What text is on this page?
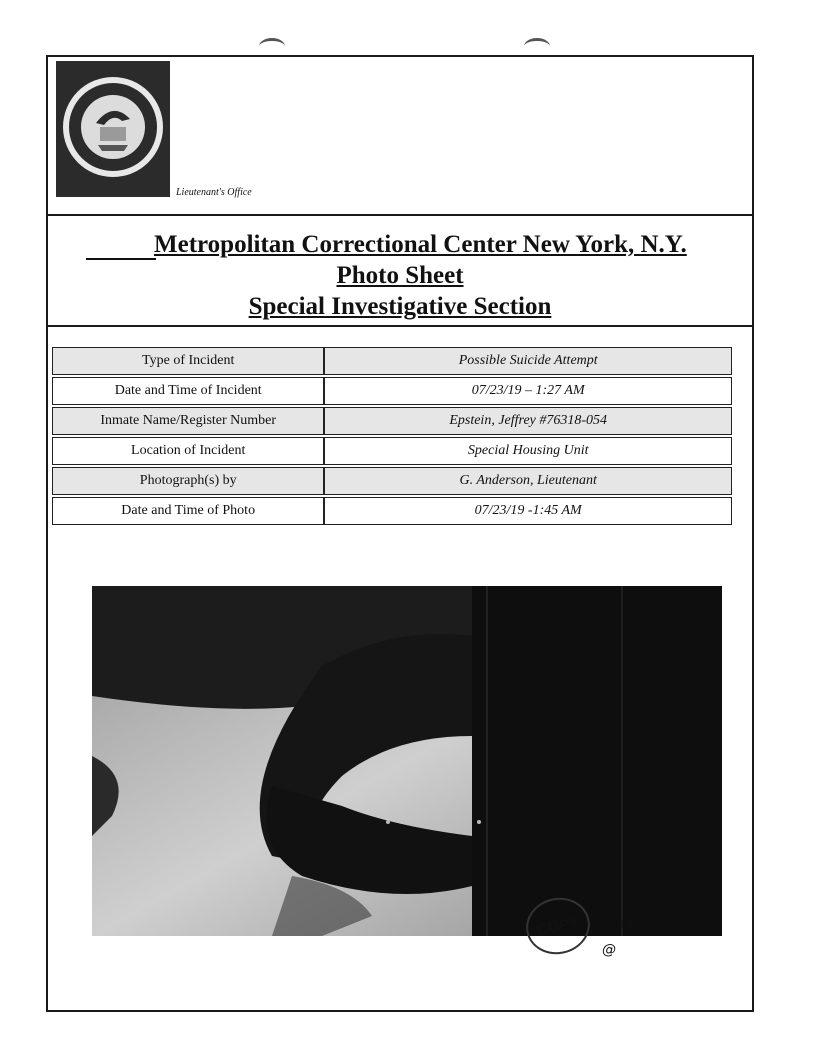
Lieutenant's Office
Metropolitan Correctional Center New York, N.Y.
Photo Sheet
Special Investigative Section
Type of Incident	Possible Suicide Attempt
Date and Time of Incident	07/23/19 – 1:27 AM
Inmate Name/Register Number	Epstein, Jeffrey #76318-054
Location of Incident	Special Housing Unit
Photograph(s) by	G. Anderson, Lieutenant
Date and Time of Photo	07/23/19 -1:45 AM
COPY 7-23-19
@
